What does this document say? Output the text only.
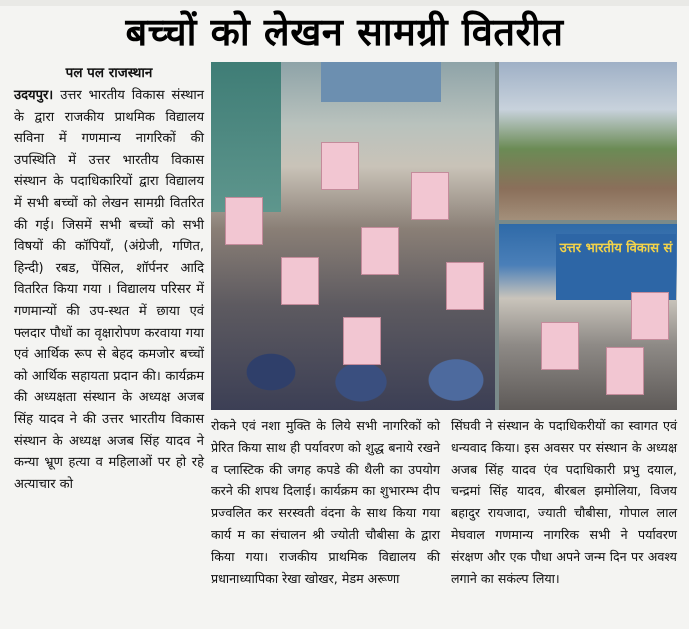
बच्चों को लेखन सामग्री वितरीत
पल पल राजस्थान

उदयपुर। उत्तर भारतीय विकास संस्थान के द्वारा राजकीय प्राथमिक विद्यालय सविना में गणमान्य नागरिकों की उपस्थिति में उत्तर भारतीय विकास संस्थान के पदाधिकारियों द्वारा विद्यालय में सभी बच्चों को लेखन सामग्री वितरित की गई। जिसमें सभी बच्चों को सभी विषयों की कॉपियाँ, (अंग्रेजी, गणित, हिन्दी) रबड, पेंसिल, शॉर्पनर आदि वितरित किया गया । विद्यालय परिसर में गणमान्यों की उप-स्थत में छाया एवं फ्लदार पौधों का वृक्षारोपण करवाया गया एवं आर्थिक रूप से बेहद कमजोर बच्चों को आर्थिक सहायता प्रदान की। कार्यक्रम की अध्यक्षता संस्थान के अध्यक्ष अजब सिंह यादव ने की उत्तर भारतीय विकास संस्थान के अध्यक्ष अजब सिंह यादव ने कन्या भ्रूण हत्या व महिलाओं पर हो रहे अत्याचार को

उत्तर भारतीय विकास सं

रोकने एवं नशा मुक्ति के लिये सभी नागरिकों को प्रेरित किया साथ ही पर्यावरण को शुद्ध बनाये रखने व प्लास्टिक की जगह कपडे की थैली का उपयोग करने की शपथ दिलाई। कार्यक्रम का शुभारम्भ दीप प्रज्वलित कर सरस्वती वंदना के साथ किया गया कार्य म का संचालन श्री ज्योती चौबीसा के द्वारा किया गया। राजकीय प्राथमिक विद्यालय की प्रधानाध्यापिका रेखा खोखर, मेडम अरूणा

सिंघवी ने संस्थान के पदाधिकरीयों का स्वागत एवं धन्यवाद किया। इस अवसर पर संस्थान के अध्यक्ष अजब सिंह यादव एंव पदाधिकारी प्रभु दयाल, चन्द्रमां सिंह यादव, बीरबल झमोलिया, विजय बहादुर रायजादा, ज्याती चौबीसा, गोपाल लाल मेघवाल गणमान्य नागरिक सभी ने पर्यावरण संरक्षण और एक पौधा अपने जन्म दिन पर अवश्य लगाने का सकंल्प लिया।
